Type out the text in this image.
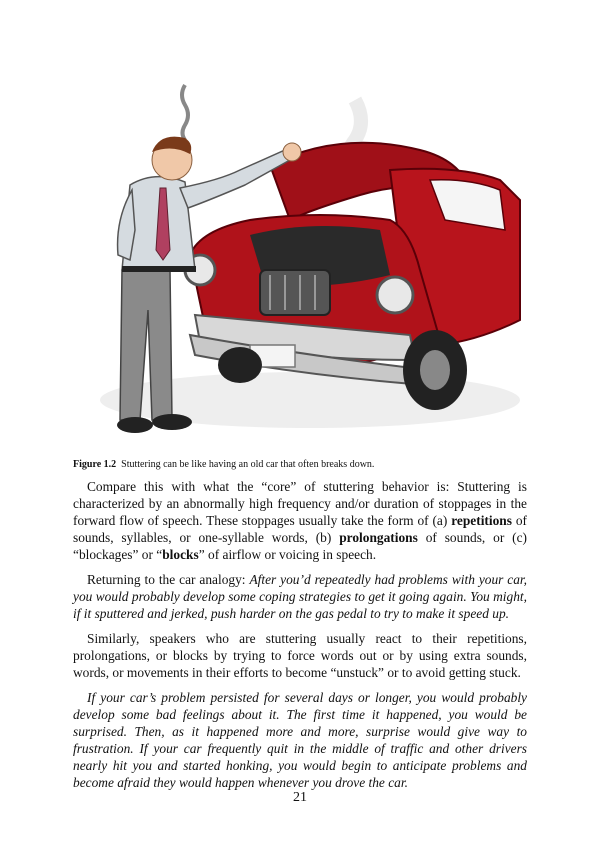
Figure 1.2 Stuttering can be like having an old car that often breaks down.

Compare this with what the “core” of stuttering behavior is: Stuttering is characterized by an abnormally high frequency and/or duration of stoppages in the forward flow of speech. These stoppages usually take the form of (a) repetitions of sounds, syllables, or one-syllable words, (b) prolongations of sounds, or (c) “blockages” or “blocks” of airflow or voicing in speech.

Returning to the car analogy: After you’d repeatedly had problems with your car, you would probably develop some coping strategies to get it going again. You might, if it sputtered and jerked, push harder on the gas pedal to try to make it speed up.

Similarly, speakers who are stuttering usually react to their repetitions, prolongations, or blocks by trying to force words out or by using extra sounds, words, or movements in their efforts to become “unstuck” or to avoid getting stuck.

If your car’s problem persisted for several days or longer, you would probably develop some bad feelings about it. The first time it happened, you would be surprised. Then, as it happened more and more, surprise would give way to frustration. If your car frequently quit in the middle of traffic and other drivers nearly hit you and started honking, you would begin to anticipate problems and become afraid they would happen whenever you drove the car.

21
